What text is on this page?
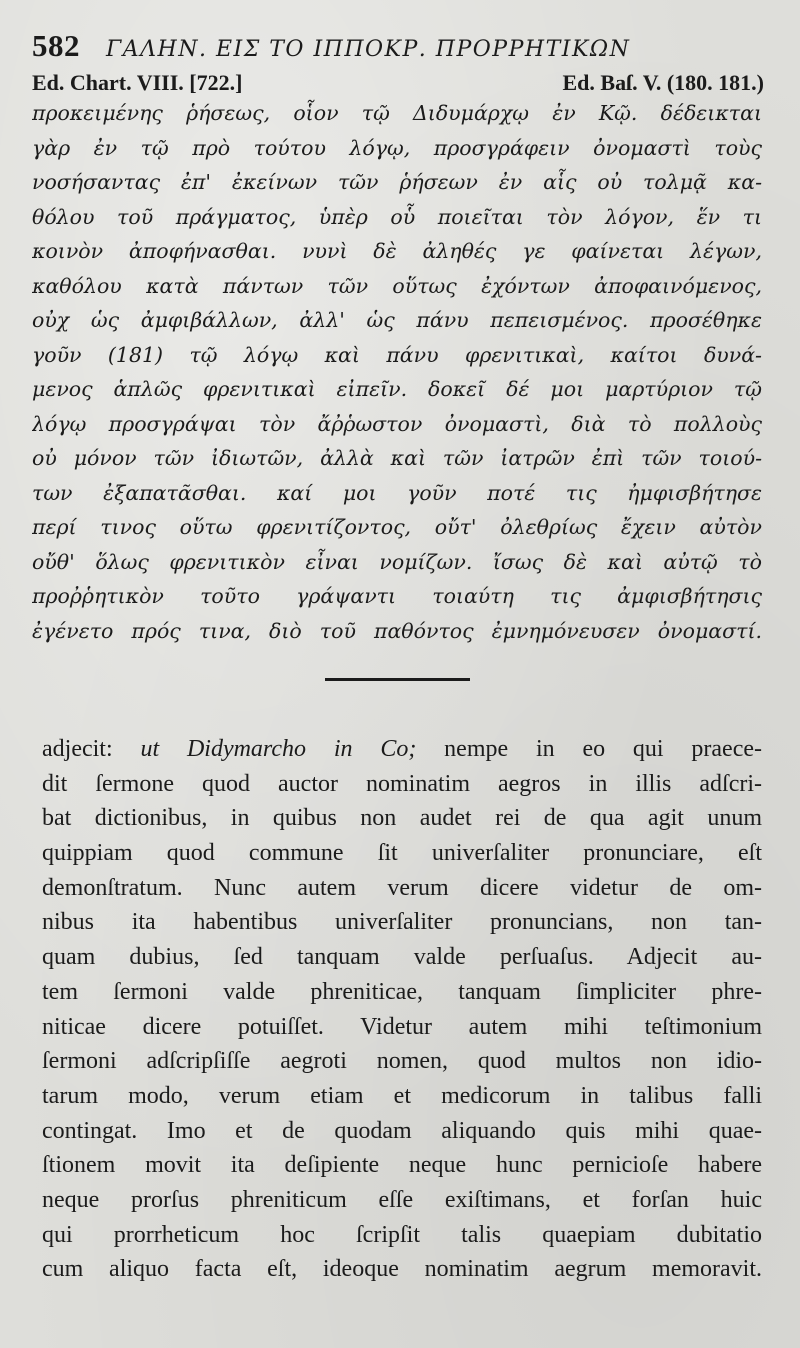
582 ΓΑΛΗΝ. ΕΙΣ ΤΟ ΙΠΠΟΚΡ. ΠΡΟΡΡΗΤΙΚΩΝ
Ed. Chart. VIII. [722.]	Ed. Baſ. V. (180. 181.)
προκειμένης ῥήσεως, οἷον τῷ Διδυμάρχῳ ἐν Κῷ. δέδεικται
γὰρ ἐν τῷ πρὸ τούτου λόγῳ, προσγράφειν ὀνομαστὶ τοὺς
νοσήσαντας ἐπ' ἐκείνων τῶν ῥήσεων ἐν αἷς οὐ τολμᾷ κα-
θόλου τοῦ πράγματος, ὑπὲρ οὗ ποιεῖται τὸν λόγον, ἕν τι
κοινὸν ἀποφήνασθαι. νυνὶ δὲ ἀληθές γε φαίνεται λέγων,
καθόλου κατὰ πάντων τῶν οὕτως ἐχόντων ἀποφαινόμενος,
οὐχ ὡς ἀμφιβάλλων, ἀλλ' ὡς πάνυ πεπεισμένος. προσέθηκε
γοῦν (181) τῷ λόγῳ καὶ πάνυ φρενιτικαὶ, καίτοι δυνά-
μενος ἁπλῶς φρενιτικαὶ εἰπεῖν. δοκεῖ δέ μοι μαρτύριον τῷ
λόγῳ προσγράψαι τὸν ἄῤῥωστον ὀνομαστὶ, διὰ τὸ πολλοὺς
οὐ μόνον τῶν ἰδιωτῶν, ἀλλὰ καὶ τῶν ἰατρῶν ἐπὶ τῶν τοιού-
των ἐξαπατᾶσθαι. καί μοι γοῦν ποτέ τις ἠμφισβήτησε
περί τινος οὕτω φρενιτίζοντος, οὔτ' ὀλεθρίως ἔχειν αὐτὸν
οὔθ' ὅλως φρενιτικὸν εἶναι νομίζων. ἴσως δὲ καὶ αὐτῷ τὸ
προῤῥητικὸν τοῦτο γράψαντι τοιαύτη τις ἀμφισβήτησις
ἐγένετο πρός τινα, διὸ τοῦ παθόντος ἐμνημόνευσεν ὀνομαστί.
adjecit: ut Didymarcho in Co; nempe in eo qui praece-
dit ſermone quod auctor nominatim aegros in illis adſcri-
bat dictionibus, in quibus non audet rei de qua agit unum
quippiam quod commune ſit univerſaliter pronunciare, eſt
demonſtratum. Nunc autem verum dicere videtur de om-
nibus ita habentibus univerſaliter pronuncians, non tan-
quam dubius, ſed tanquam valde perſuaſus. Adjecit au-
tem ſermoni valde phreniticae, tanquam ſimpliciter phre-
niticae dicere potuiſſet. Videtur autem mihi teſtimonium
ſermoni adſcripſiſſe aegroti nomen, quod multos non idio-
tarum modo, verum etiam et medicorum in talibus falli
contingat. Imo et de quodam aliquando quis mihi quae-
ſtionem movit ita deſipiente neque hunc pernicioſe habere
neque prorſus phreniticum eſſe exiſtimans, et forſan huic
qui prorrheticum hoc ſcripſit talis quaepiam dubitatio
cum aliquo facta eſt, ideoque nominatim aegrum memoravit.
